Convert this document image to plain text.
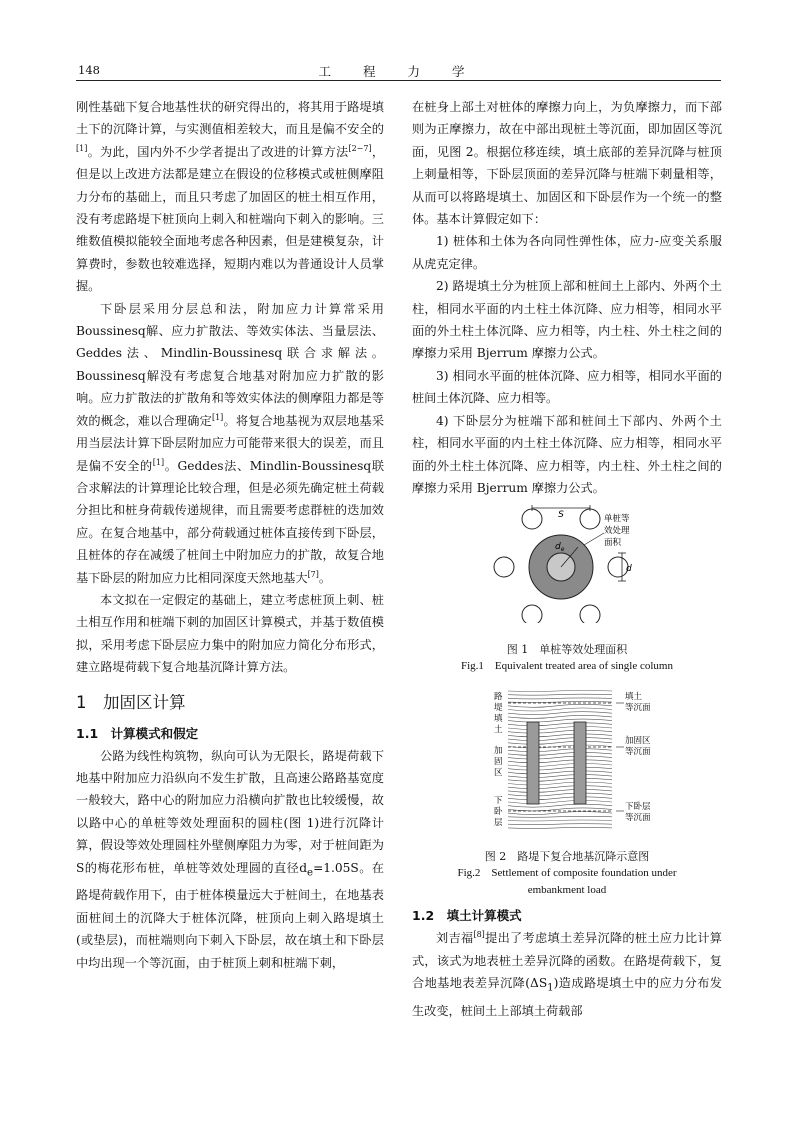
148	工 程 力 学

刚性基础下复合地基性状的研究得出的，将其用于路堤填土下的沉降计算，与实测值相差较大，而且是偏不安全的[1]。为此，国内外不少学者提出了改进的计算方法[2−7]，但是以上改进方法都是建立在假设的位移模式或桩侧摩阻力分布的基础上，而且只考虑了加固区的桩土相互作用，没有考虑路堤下桩顶向上刺入和桩端向下刺入的影响。三维数值模拟能较全面地考虑各种因素，但是建模复杂，计算费时，参数也较难选择，短期内难以为普通设计人员掌握。

下卧层采用分层总和法，附加应力计算常采用Boussinesq解、应力扩散法、等效实体法、当量层法、Geddes法、Mindlin-Boussinesq联合求解法。Boussinesq解没有考虑复合地基对附加应力扩散的影响。应力扩散法的扩散角和等效实体法的侧摩阻力都是等效的概念，难以合理确定[1]。将复合地基视为双层地基采用当层法计算下卧层附加应力可能带来很大的误差，而且是偏不安全的[1]。Geddes法、Mindlin-Boussinesq联合求解法的计算理论比较合理，但是必须先确定桩土荷载分担比和桩身荷载传递规律，而且需要考虑群桩的迭加效应。在复合地基中，部分荷载通过桩体直接传到下卧层，且桩体的存在减缓了桩间土中附加应力的扩散，故复合地基下卧层的附加应力比相同深度天然地基大[7]。

本文拟在一定假定的基础上，建立考虑桩顶上刺、桩土相互作用和桩端下刺的加固区计算模式，并基于数值模拟，采用考虑下卧层应力集中的附加应力简化分布形式，建立路堤荷载下复合地基沉降计算方法。

1　加固区计算
1.1　计算模式和假定

公路为线性构筑物，纵向可认为无限长，路堤荷载下地基中附加应力沿纵向不发生扩散，且高速公路路基宽度一般较大，路中心的附加应力沿横向扩散也比较缓慢，故以路中心的单桩等效处理面积的圆柱(图 1)进行沉降计算，假设等效处理圆柱外壁侧摩阻力为零，对于桩间距为S的梅花形布桩，单桩等效处理圆的直径$d_e=1.05S$。在路堤荷载作用下，由于桩体模量远大于桩间土，在地基表面桩间土的沉降大于桩体沉降，桩顶向上刺入路堤填土(或垫层)，而桩端则向下刺入下卧层，故在填土和下卧层中均出现一个等沉面，由于桩顶上刺和桩端下刺，

在桩身上部土对桩体的摩擦力向上，为负摩擦力，而下部则为正摩擦力，故在中部出现桩土等沉面，即加固区等沉面，见图 2。根据位移连续，填土底部的差异沉降与桩顶上刺量相等，下卧层顶面的差异沉降与桩端下刺量相等，从而可以将路堤填土、加固区和下卧层作为一个统一的整体。基本计算假定如下：

1) 桩体和土体为各向同性弹性体，应力-应变关系服从虎克定律。

2) 路堤填土分为桩顶上部和桩间土上部内、外两个土柱，相同水平面的内土柱土体沉降、应力相等，相同水平面的外土柱土体沉降、应力相等，内土柱、外土柱之间的摩擦力采用 Bjerrum 摩擦力公式。

3) 相同水平面的桩体沉降、应力相等，相同水平面的桩间土体沉降、应力相等。

4) 下卧层分为桩端下部和桩间土下部内、外两个土柱，相同水平面的内土柱土体沉降、应力相等，相同水平面的外土柱土体沉降、应力相等，内土柱、外土柱之间的摩擦力采用 Bjerrum 摩擦力公式。

S
$d_e$
d
单桩等
效处理
面积
图 1　单桩等效处理面积
Fig.1　Equivalent treated area of single column
路堤填土
加固区
下卧层
填土
等沉面
加固区
等沉面
下卧层
等沉面
图 2　路堤下复合地基沉降示意图
Fig.2　Settlement of composite foundation under
embankment load
1.2　填土计算模式

刘吉福[8]提出了考虑填土差异沉降的桩土应力比计算式，该式为地表桩土差异沉降的函数。在路堤荷载下，复合地基地表差异沉降$(\Delta S_1)$造成路堤填土中的应力分布发生改变，桩间土上部填土荷载部
